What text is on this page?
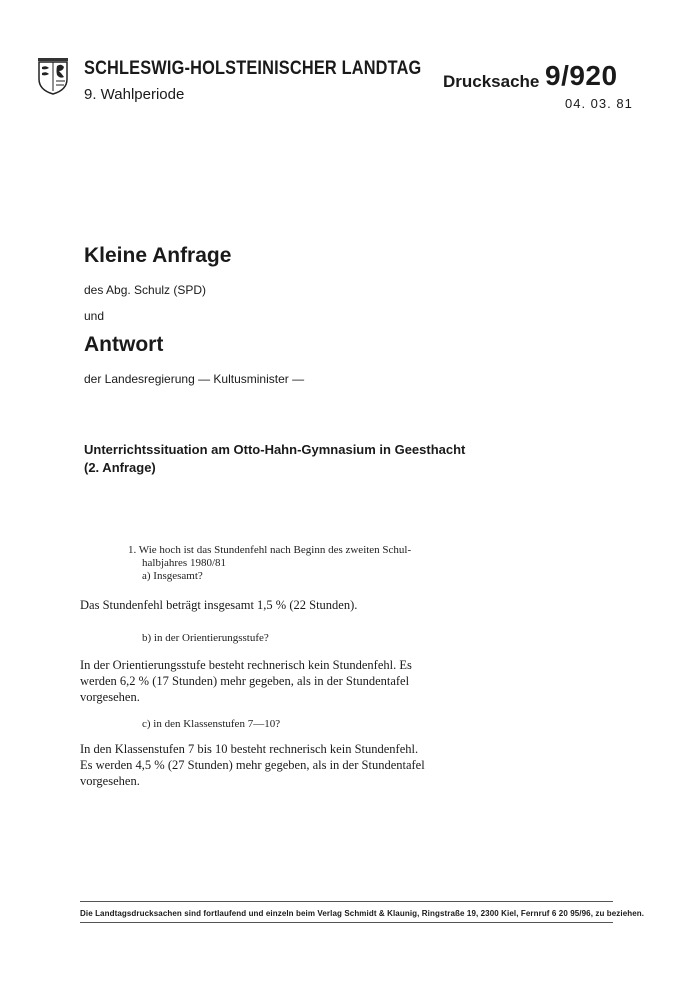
SCHLESWIG-HOLSTEINISCHER LANDTAG
9. Wahlperiode
Drucksache 9/920
04. 03. 81
Kleine Anfrage
des Abg. Schulz (SPD)
und
Antwort
der Landesregierung — Kultusminister —
Unterrichtssituation am Otto-Hahn-Gymnasium in Geesthacht
(2. Anfrage)
1. Wie hoch ist das Stundenfehl nach Beginn des zweiten Schul-
halbjahres 1980/81
a) Insgesamt?

Das Stundenfehl beträgt insgesamt 1,5 % (22 Stunden).

b) in der Orientierungsstufe?

In der Orientierungsstufe besteht rechnerisch kein Stundenfehl. Es

werden 6,2 % (17 Stunden) mehr gegeben, als in der Stundentafel

vorgesehen.

c) in den Klassenstufen 7—10?

In den Klassenstufen 7 bis 10 besteht rechnerisch kein Stundenfehl.

Es werden 4,5 % (27 Stunden) mehr gegeben, als in der Stundentafel

vorgesehen.

Die Landtagsdrucksachen sind fortlaufend und einzeln beim Verlag Schmidt & Klaunig, Ringstraße 19, 2300 Kiel, Fernruf 6 20 95/96, zu beziehen.
